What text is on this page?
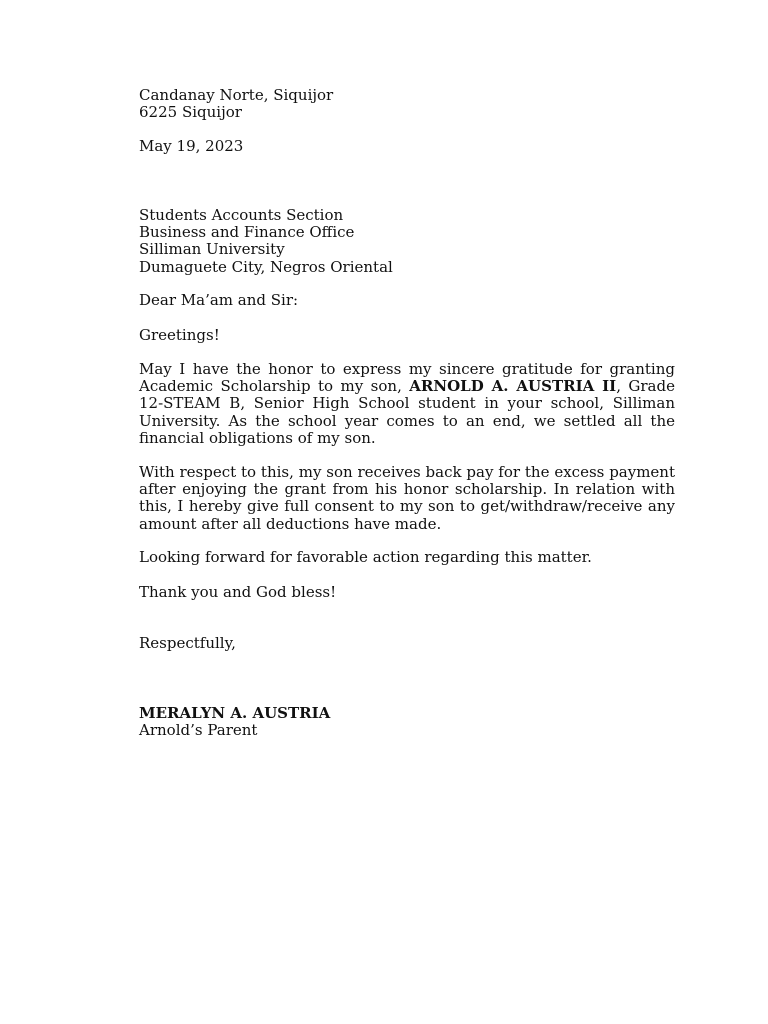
Candanay Norte, Siquijor
6225 Siquijor
May 19, 2023
Students Accounts Section
Business and Finance Office
Silliman University
Dumaguete City, Negros Oriental
Dear Ma’am and Sir:
Greetings!
May I have the honor to express my sincere gratitude for granting Academic Scholarship to my son, ARNOLD A. AUSTRIA II, Grade 12-STEAM B, Senior High School student in your school, Silliman University. As the school year comes to an end, we settled all the financial obligations of my son.
With respect to this, my son receives back pay for the excess payment after enjoying the grant from his honor scholarship. In relation with this, I hereby give full consent to my son to get/withdraw/receive any amount after all deductions have made.
Looking forward for favorable action regarding this matter.
Thank you and God bless!
Respectfully,
MERALYN A. AUSTRIA
Arnold’s Parent
